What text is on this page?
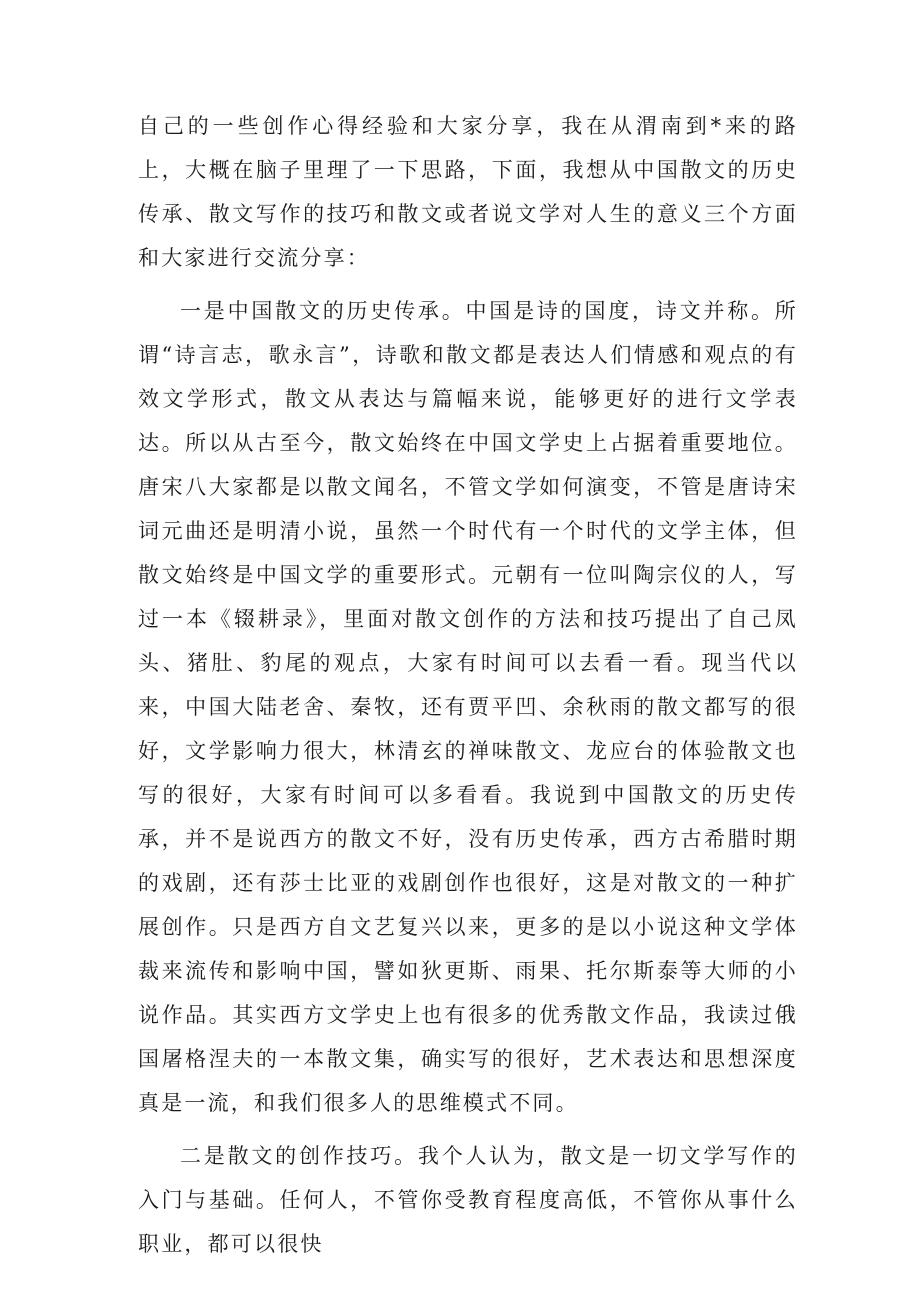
自己的一些创作心得经验和大家分享，我在从渭南到*来的路上，大概在脑子里理了一下思路，下面，我想从中国散文的历史传承、散文写作的技巧和散文或者说文学对人生的意义三个方面和大家进行交流分享：

一是中国散文的历史传承。中国是诗的国度，诗文并称。所谓“诗言志，歌永言”，诗歌和散文都是表达人们情感和观点的有效文学形式，散文从表达与篇幅来说，能够更好的进行文学表达。所以从古至今，散文始终在中国文学史上占据着重要地位。唐宋八大家都是以散文闻名，不管文学如何演变，不管是唐诗宋词元曲还是明清小说，虽然一个时代有一个时代的文学主体，但散文始终是中国文学的重要形式。元朝有一位叫陶宗仪的人，写过一本《辍耕录》，里面对散文创作的方法和技巧提出了自己凤头、猪肚、豹尾的观点，大家有时间可以去看一看。现当代以来，中国大陆老舍、秦牧，还有贾平凹、余秋雨的散文都写的很好，文学影响力很大，林清玄的禅味散文、龙应台的体验散文也写的很好，大家有时间可以多看看。我说到中国散文的历史传承，并不是说西方的散文不好，没有历史传承，西方古希腊时期的戏剧，还有莎士比亚的戏剧创作也很好，这是对散文的一种扩展创作。只是西方自文艺复兴以来，更多的是以小说这种文学体裁来流传和影响中国，譬如狄更斯、雨果、托尔斯泰等大师的小说作品。其实西方文学史上也有很多的优秀散文作品，我读过俄国屠格涅夫的一本散文集，确实写的很好，艺术表达和思想深度真是一流，和我们很多人的思维模式不同。

二是散文的创作技巧。我个人认为，散文是一切文学写作的入门与基础。任何人，不管你受教育程度高低，不管你从事什么职业，都可以很快
